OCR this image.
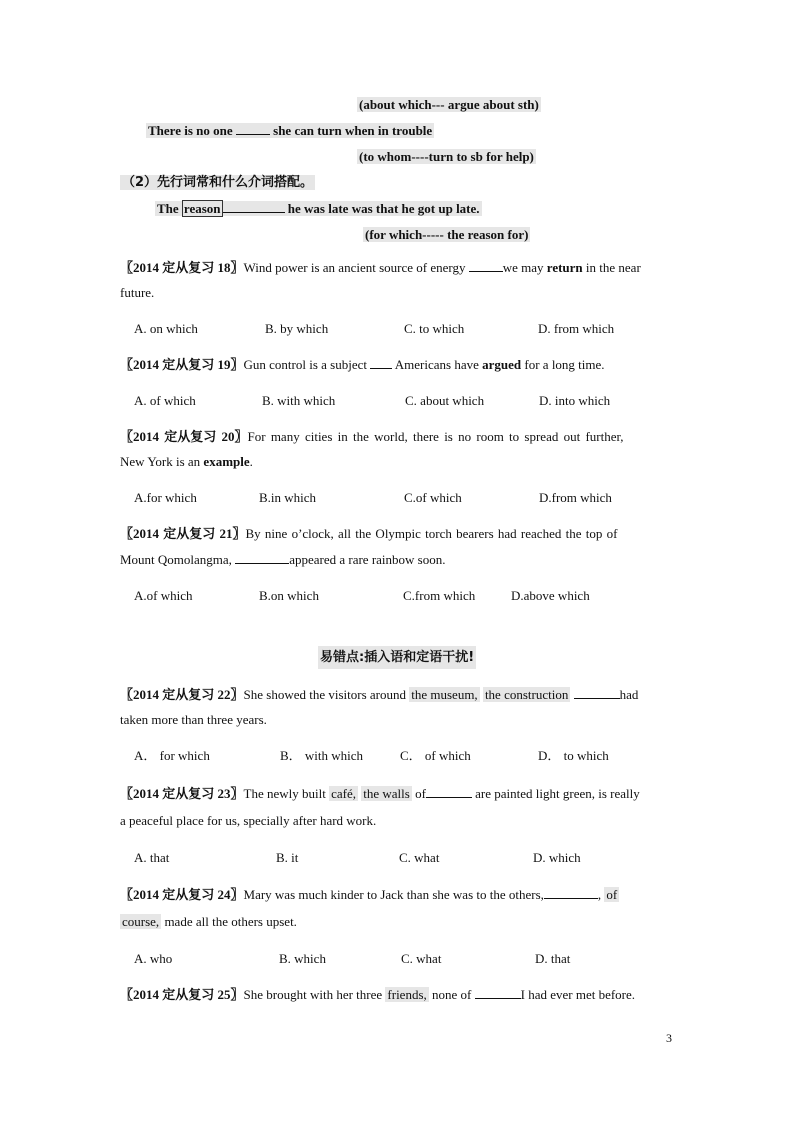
(about which--- argue about sth)
There is no one	she can turn when in trouble
(to whom----turn to sb for help)
（2）先行词常和什么介词搭配。
The reason	he was late was that he got up late.
(for which----- the reason for)
〖2014 定从复习 18〗Wind power is an ancient source of energy	we may return in the near
future.
A. on which	B. by which	C. to which	D. from which
〖2014 定从复习 19〗Gun control is a subject  Americans have argued for a long time.
A. of which	B. with which	C. about which	D. into which
〖2014 定从复习 20〗For many cities in the world, there is no room to spread out further,
New York is an example.
A.for which	B.in which	C.of which	D.from which
〖2014 定从复习 21〗By nine o’clock, all the Olympic torch bearers had reached the top of
Mount Qomolangma,	appeared a rare rainbow soon.
A.of which	B.on which	C.from which	D.above which
易错点:插入语和定语干扰!
〖2014 定从复习 22〗She showed the visitors around the museum, the construction	had
taken more than three years.
A． for which	B． with which	C． of which	D． to which
〖2014 定从复习 23〗The newly built café, the walls of	are painted light green, is really
a peaceful place for us, specially after hard work.
A. that	B. it	C. what	D. which
〖2014 定从复习 24〗Mary was much kinder to Jack than she was to the others,	, of
course, made all the others upset.
A. who	B. which	C. what	D. that
〖2014 定从复习 25〗She brought with her three friends, none of	I had ever met before.
3
